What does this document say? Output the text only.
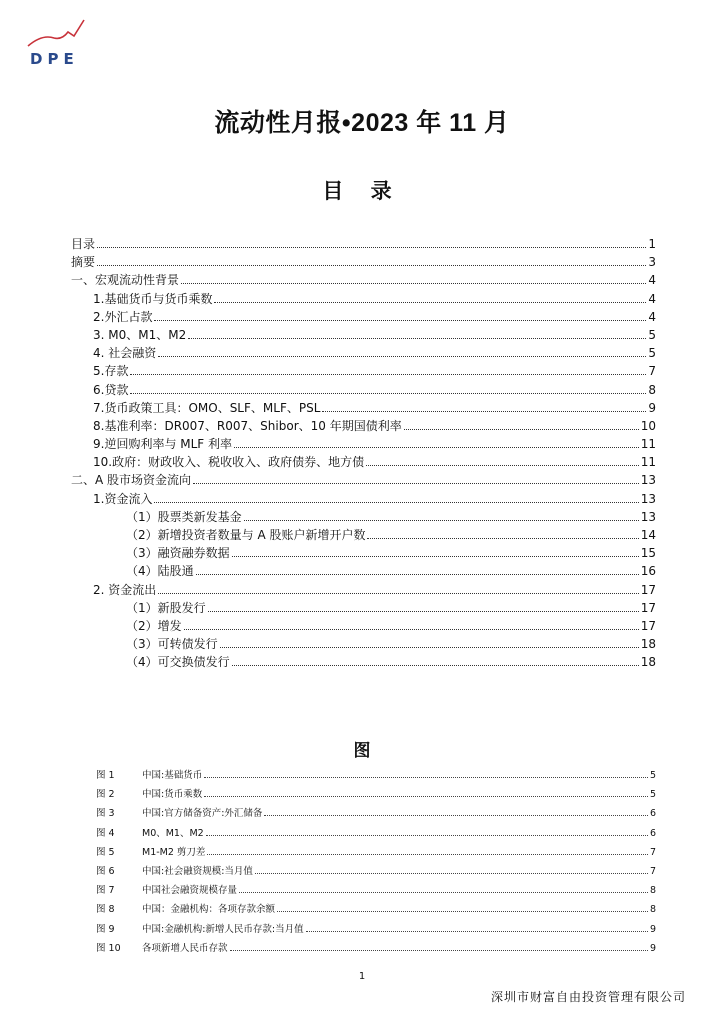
DPE
流动性月报•2023 年 11 月
目 录
目录	1
摘要	3
一、宏观流动性背景	4
1.基础货币与货币乘数	4
2.外汇占款	4
3. M0、M1、M2	5
4. 社会融资	5
5.存款	7
6.贷款	8
7.货币政策工具：OMO、SLF、MLF、PSL	9
8.基准利率：DR007、R007、Shibor、10 年期国债利率	10
9.逆回购利率与 MLF 利率	11
10.政府：财政收入、税收收入、政府债券、地方债	11
二、A 股市场资金流向	13
1.资金流入	13
（1）股票类新发基金	13
（2）新增投资者数量与 A 股账户新增开户数	14
（3）融资融券数据	15
（4）陆股通	16
2. 资金流出	17
（1）新股发行	17
（2）增发	17
（3）可转债发行	18
（4）可交换债发行	18
图
图 1	中国:基础货币	5
图 2	中国:货币乘数	5
图 3	中国:官方储备资产:外汇储备	6
图 4	M0、M1、M2	6
图 5	M1-M2 剪刀差	7
图 6	中国:社会融资规模:当月值	7
图 7	中国社会融资规模存量	8
图 8	中国：金融机构：各项存款余额	8
图 9	中国:金融机构:新增人民币存款:当月值	9
图 10	各项新增人民币存款	9
1
深圳市财富自由投资管理有限公司
